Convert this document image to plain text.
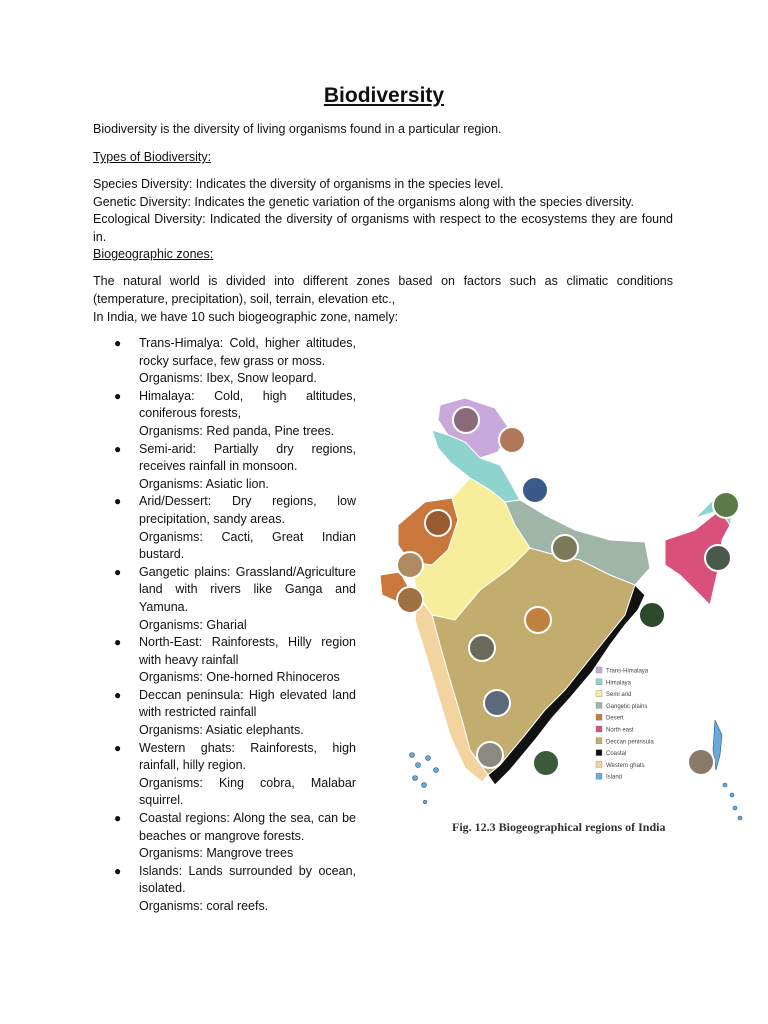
Biodiversity

Biodiversity is the diversity of living organisms found in a particular region.

Types of Biodiversity:

Species Diversity: Indicates the diversity of organisms in the species level.

Genetic Diversity: Indicates the genetic variation of the organisms along with the species diversity.

Ecological Diversity: Indicated the diversity of organisms with respect to the ecosystems they are found in.

Biogeographic zones:

The natural world is divided into different zones based on factors such as climatic conditions (temperature, precipitation), soil, terrain, elevation etc.,

In India, we have 10 such biogeographic zone, namely:

● Trans-Himalya: Cold, higher altitudes, rocky surface, few grass or moss.
Organisms: Ibex, Snow leopard.
● Himalaya: Cold, high altitudes, coniferous forests,
Organisms: Red panda, Pine trees.
● Semi-arid: Partially dry regions, receives rainfall in monsoon.
Organisms: Asiatic lion.
● Arid/Dessert: Dry regions, low precipitation, sandy areas.
Organisms: Cacti, Great Indian bustard.
● Gangetic plains: Grassland/Agriculture land with rivers like Ganga and Yamuna.
Organisms: Gharial
● North-East: Rainforests, Hilly region with heavy rainfall
Organisms: One-horned Rhinoceros
● Deccan peninsula: High elevated land with restricted rainfall
Organisms: Asiatic elephants.
● Western ghats: Rainforests, high rainfall, hilly region.
Organisms: King cobra, Malabar squirrel.
● Coastal regions: Along the sea, can be beaches or mangrove forests.
Organisms: Mangrove trees
● Islands: Lands surrounded by ocean, isolated.
Organisms: coral reefs.
Trans-Himalaya
Himalaya
Semi arid
Gangetic plains
Desert
North east
Deccan peninsula
Coastal
Western ghats
Island

Fig. 12.3 Biogeographical regions of India
